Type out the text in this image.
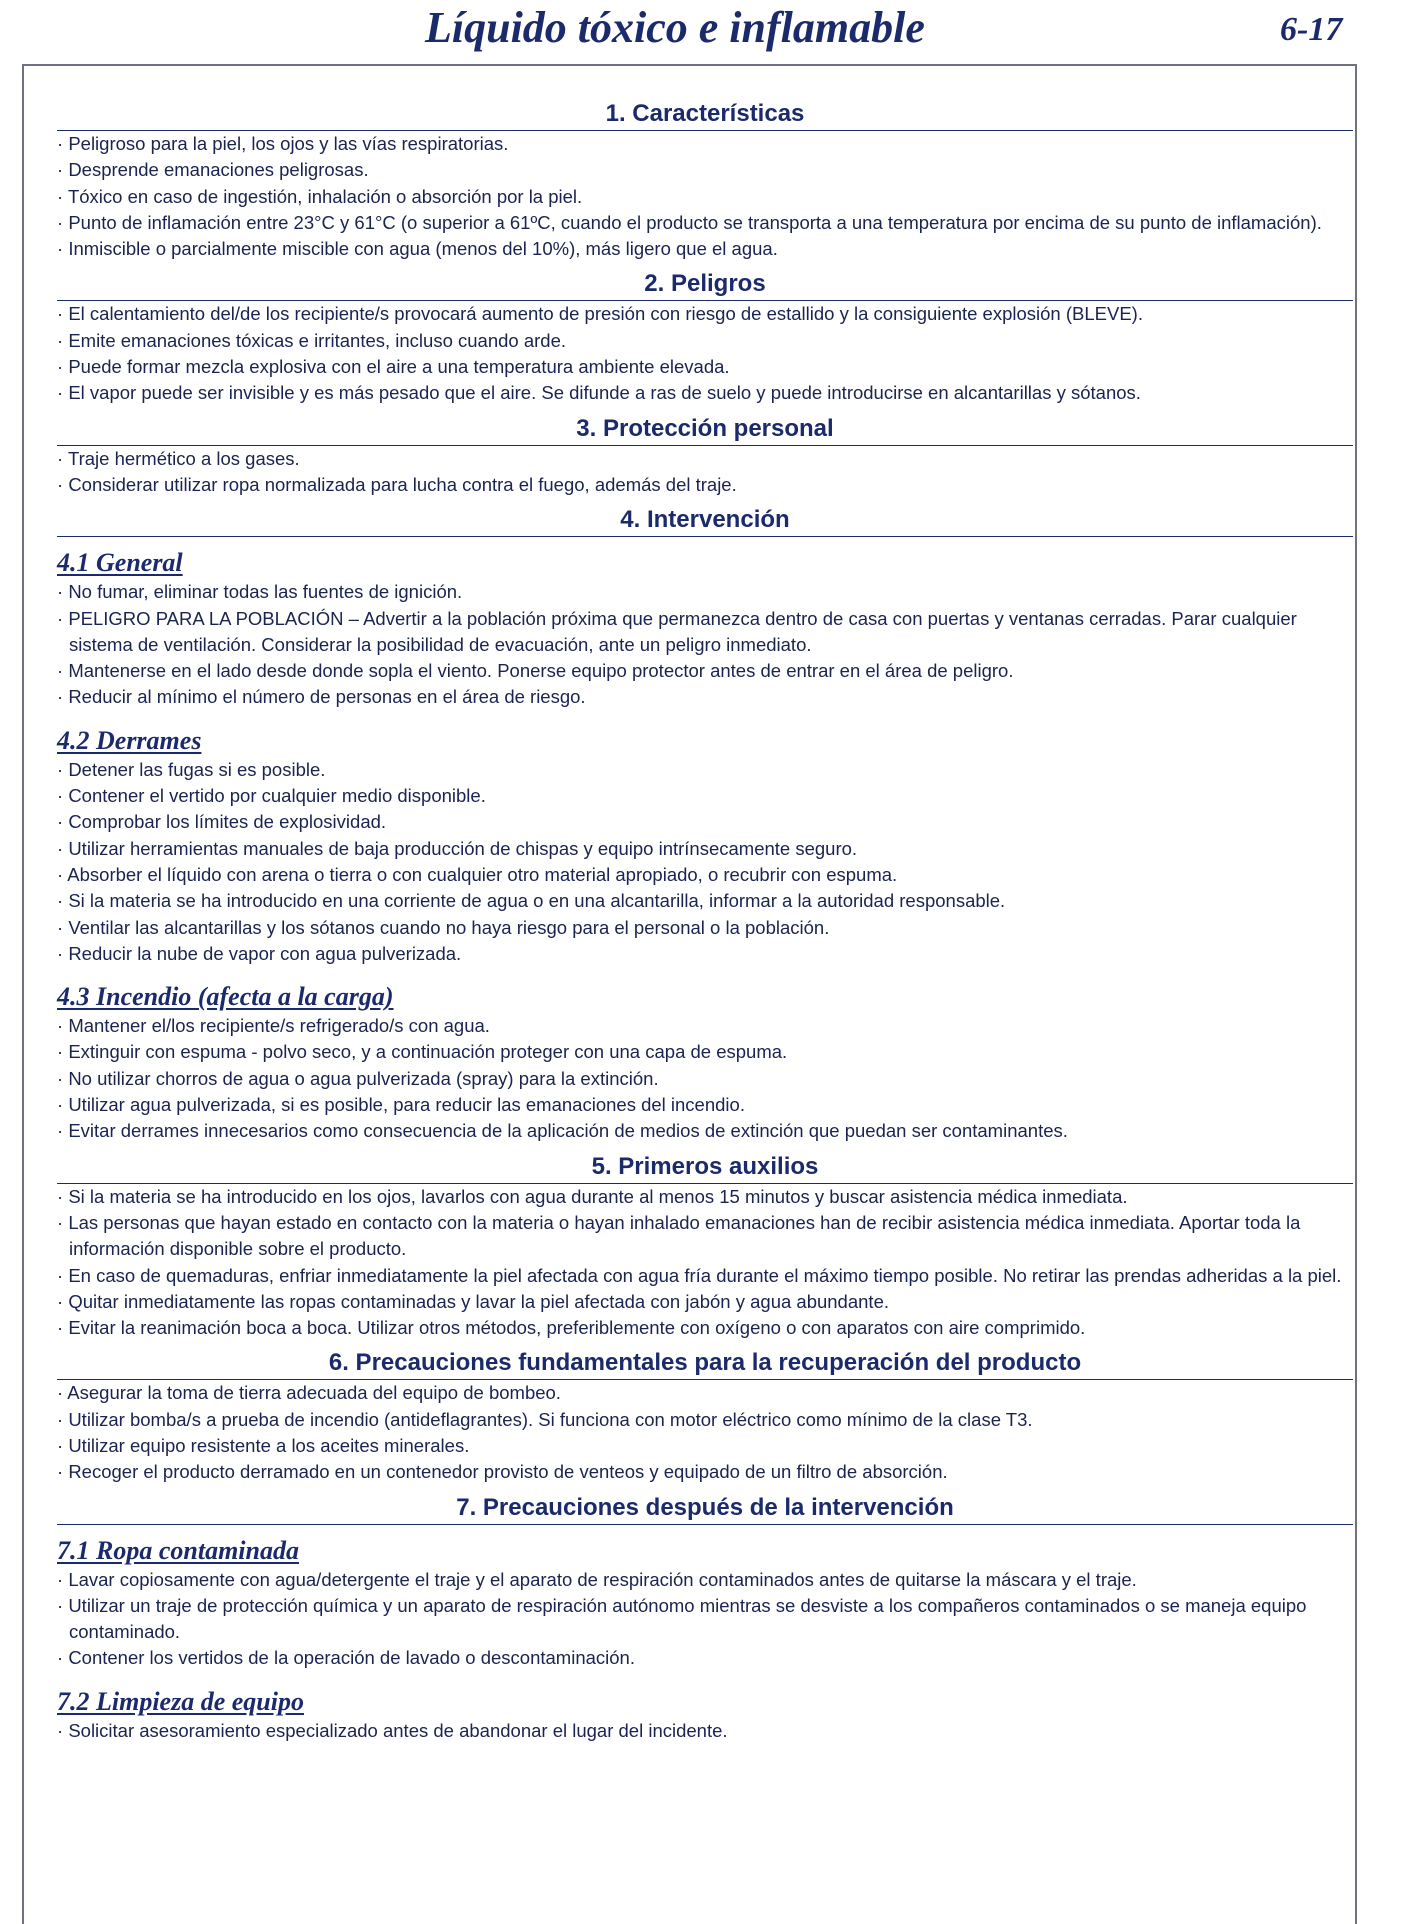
Líquido tóxico e inflamable	6-17
1. Características
· Peligroso para la piel, los ojos y las vías respiratorias.
· Desprende emanaciones peligrosas.
· Tóxico en caso de ingestión, inhalación o absorción por la piel.
· Punto de inflamación entre 23°C y 61°C (o superior a 61ºC, cuando el producto se transporta a una temperatura por encima de su punto de inflamación).
· Inmiscible o parcialmente miscible con agua (menos del 10%), más ligero que el agua.
2. Peligros
· El calentamiento del/de los recipiente/s provocará aumento de presión con riesgo de estallido y la consiguiente explosión (BLEVE).
· Emite emanaciones tóxicas e irritantes, incluso cuando arde.
· Puede formar mezcla explosiva con el aire a una temperatura ambiente elevada.
· El vapor puede ser invisible y es más pesado que el aire. Se difunde a ras de suelo y puede introducirse en alcantarillas y sótanos.
3. Protección personal
· Traje hermético a los gases.
· Considerar utilizar ropa normalizada para lucha contra el fuego, además del traje.
4. Intervención
4.1 General
· No fumar, eliminar todas las fuentes de ignición.
· PELIGRO PARA LA POBLACIÓN – Advertir a la población próxima que permanezca dentro de casa con puertas y ventanas cerradas. Parar cualquier sistema de ventilación. Considerar la posibilidad de evacuación, ante un peligro inmediato.
· Mantenerse en el lado desde donde sopla el viento. Ponerse equipo protector antes de entrar en el área de peligro.
· Reducir al mínimo el número de personas en el área de riesgo.
4.2 Derrames
· Detener las fugas si es posible.
· Contener el vertido por cualquier medio disponible.
· Comprobar los límites de explosividad.
· Utilizar herramientas manuales de baja producción de chispas y equipo intrínsecamente seguro.
· Absorber el líquido con arena o tierra o con cualquier otro material apropiado, o recubrir con espuma.
· Si la materia se ha introducido en una corriente de agua o en una alcantarilla, informar a la autoridad responsable.
· Ventilar las alcantarillas y los sótanos cuando no haya riesgo para el personal o la población.
· Reducir la nube de vapor con agua pulverizada.
4.3 Incendio (afecta a la carga)
· Mantener el/los recipiente/s refrigerado/s con agua.
· Extinguir con espuma - polvo seco, y a continuación proteger con una capa de espuma.
· No utilizar chorros de agua o agua pulverizada (spray) para la extinción.
· Utilizar agua pulverizada, si es posible, para reducir las emanaciones del incendio.
· Evitar derrames innecesarios como consecuencia de la aplicación de medios de extinción que puedan ser contaminantes.
5. Primeros auxilios
· Si la materia se ha introducido en los ojos, lavarlos con agua durante al menos 15 minutos y buscar asistencia médica inmediata.
· Las personas que hayan estado en contacto con la materia o hayan inhalado emanaciones han de recibir asistencia médica inmediata. Aportar toda la información disponible sobre el producto.
· En caso de quemaduras, enfriar inmediatamente la piel afectada con agua fría durante el máximo tiempo posible. No retirar las prendas adheridas a la piel.
· Quitar inmediatamente las ropas contaminadas y lavar la piel afectada con jabón y agua abundante.
· Evitar la reanimación boca a boca. Utilizar otros métodos, preferiblemente con oxígeno o con aparatos con aire comprimido.
6. Precauciones fundamentales para la recuperación del producto
· Asegurar la toma de tierra adecuada del equipo de bombeo.
· Utilizar bomba/s a prueba de incendio (antideflagrantes). Si funciona con motor eléctrico como mínimo de la clase T3.
· Utilizar equipo resistente a los aceites minerales.
· Recoger el producto derramado en un contenedor provisto de venteos y equipado de un filtro de absorción.
7. Precauciones después de la intervención
7.1 Ropa contaminada
· Lavar copiosamente con agua/detergente el traje y el aparato de respiración contaminados antes de quitarse la máscara y el traje.
· Utilizar un traje de protección química y un aparato de respiración autónomo mientras se desviste a los compañeros contaminados o se maneja equipo contaminado.
· Contener los vertidos de la operación de lavado o descontaminación.
7.2 Limpieza de equipo
· Solicitar asesoramiento especializado antes de abandonar el lugar del incidente.
